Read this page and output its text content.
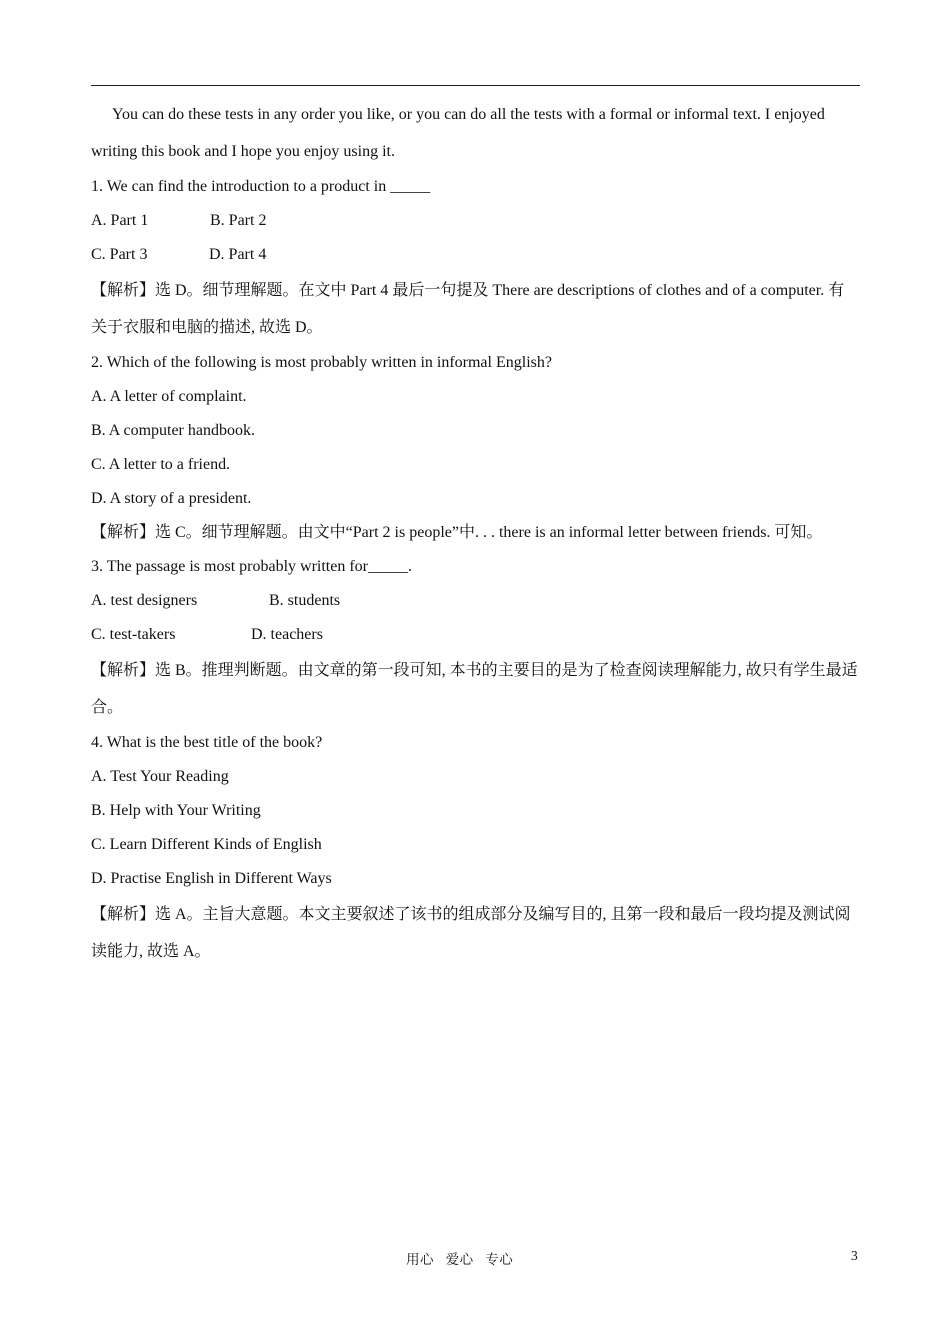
You can do these tests in any order you like, or you can do all the tests with a formal or informal text. I enjoyed writing this book and I hope you enjoy using it.

1. We can find the introduction to a product in _____

A. Part 1	B. Part 2
C. Part 3	D. Part 4

【解析】选 D。细节理解题。在文中 Part 4 最后一句提及 There are descriptions of clothes and of a computer. 有关于衣服和电脑的描述, 故选 D。

2. Which of the following is most probably written in informal English?

A. A letter of complaint.

B. A computer handbook.

C. A letter to a friend.

D. A story of a president.

【解析】选 C。细节理解题。由文中“Part 2 is people”中. . . there is an informal letter between friends. 可知。

3. The passage is most probably written for_____.

A. test designers	B. students
C. test-takers	D. teachers

【解析】选 B。推理判断题。由文章的第一段可知, 本书的主要目的是为了检查阅读理解能力, 故只有学生最适合。

4. What is the best title of the book?

A. Test Your Reading

B. Help with Your Writing

C. Learn Different Kinds of English

D. Practise English in Different Ways

【解析】选 A。主旨大意题。本文主要叙述了该书的组成部分及编写目的, 且第一段和最后一段均提及测试阅读能力, 故选 A。

用心   爱心   专心	3
